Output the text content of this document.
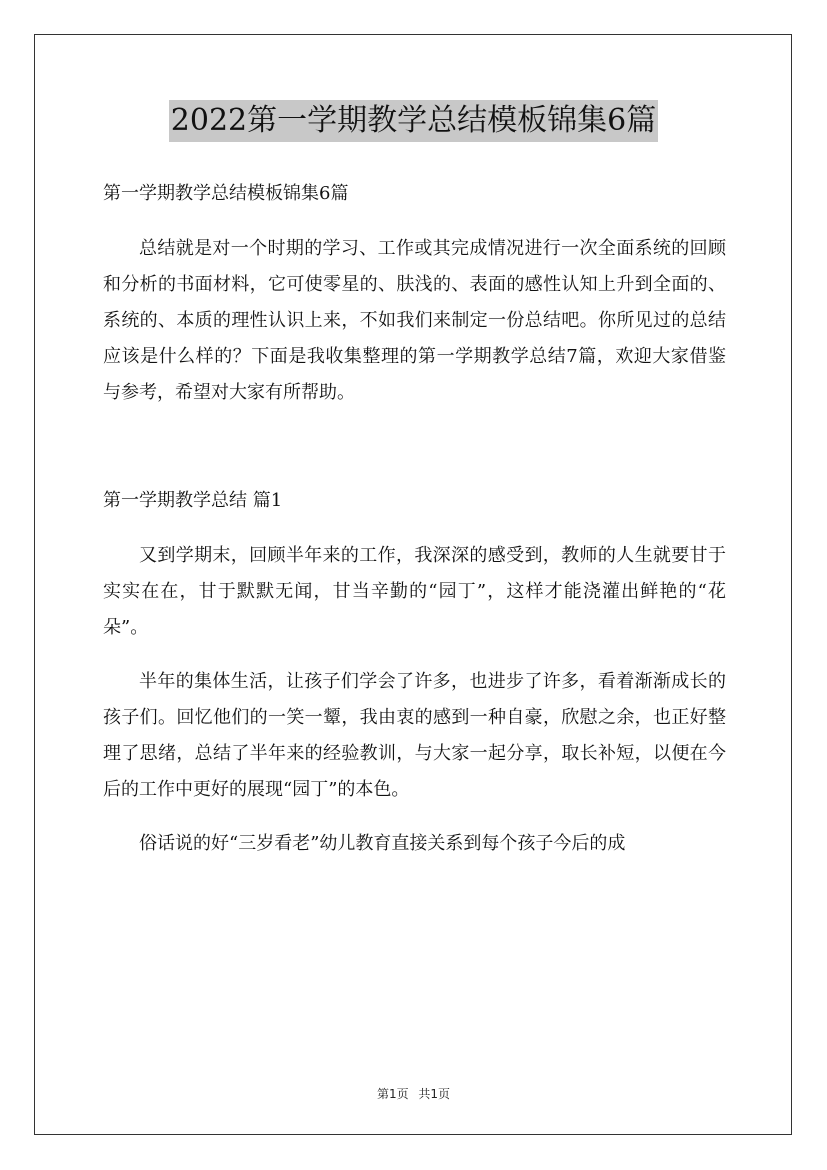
2022第一学期教学总结模板锦集6篇

第一学期教学总结模板锦集6篇

总结就是对一个时期的学习、工作或其完成情况进行一次全面系统的回顾和分析的书面材料，它可使零星的、肤浅的、表面的感性认知上升到全面的、系统的、本质的理性认识上来，不如我们来制定一份总结吧。你所见过的总结应该是什么样的？下面是我收集整理的第一学期教学总结7篇，欢迎大家借鉴与参考，希望对大家有所帮助。

第一学期教学总结 篇1

又到学期末，回顾半年来的工作，我深深的感受到，教师的人生就要甘于实实在在，甘于默默无闻，甘当辛勤的“园丁”，这样才能浇灌出鲜艳的“花朵”。

半年的集体生活，让孩子们学会了许多，也进步了许多，看着渐渐成长的孩子们。回忆他们的一笑一颦，我由衷的感到一种自豪，欣慰之余，也正好整理了思绪，总结了半年来的经验教训，与大家一起分享，取长补短，以便在今后的工作中更好的展现“园丁”的本色。

俗话说的好“三岁看老”幼儿教育直接关系到每个孩子今后的成

第1页 共1页
